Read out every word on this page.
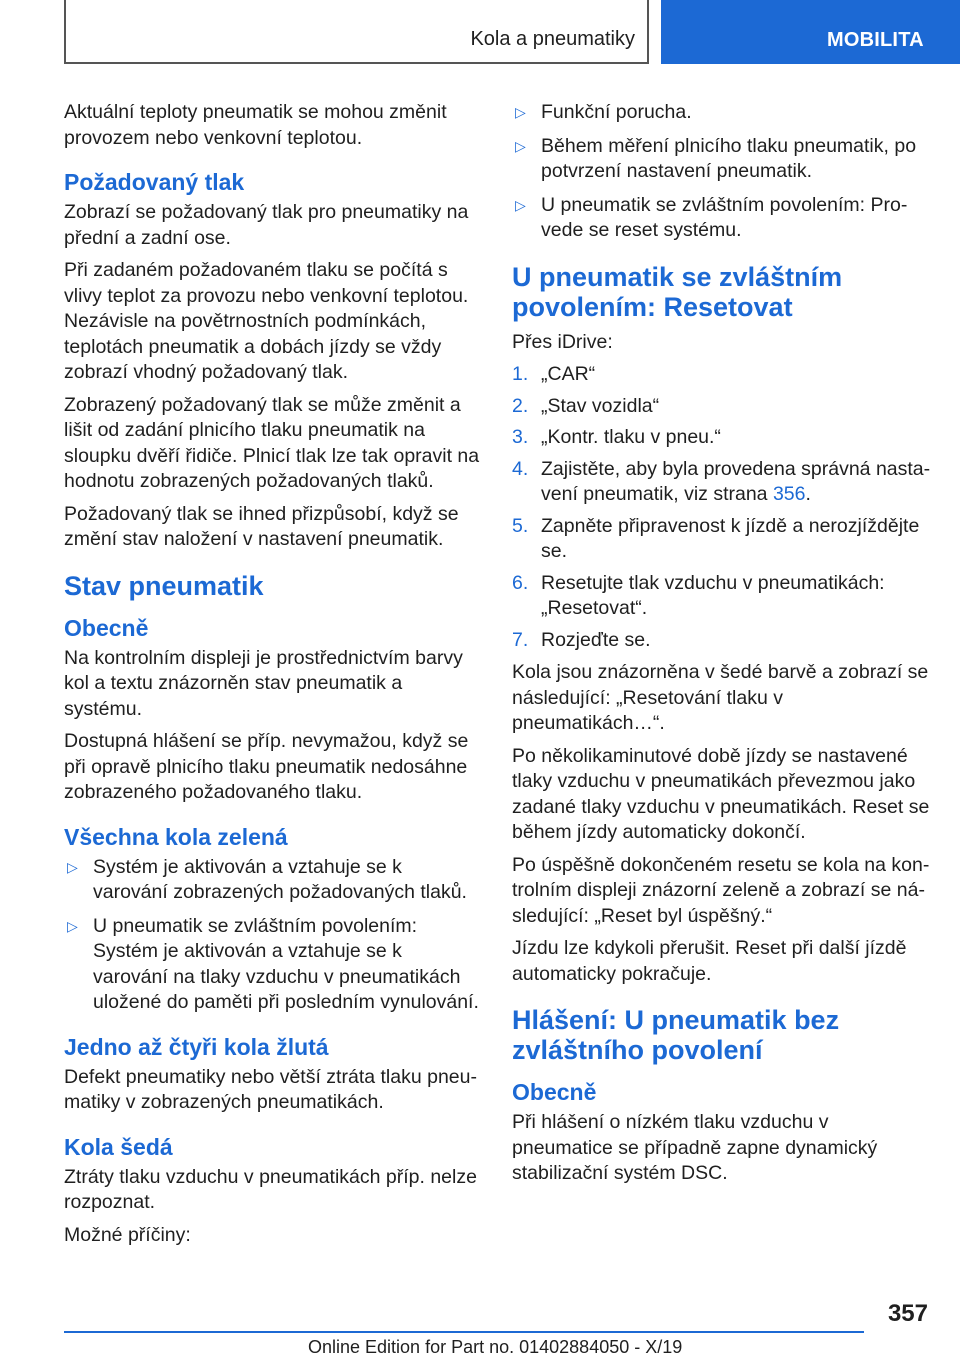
Kola a pneumatiky	MOBILITA

Aktuální teploty pneumatik se mohou změnit provozem nebo venkovní teplotou.

Požadovaný tlak

Zobrazí se požadovaný tlak pro pneumatiky na přední a zadní ose.

Při zadaném požadovaném tlaku se počítá s vlivy teplot za provozu nebo venkovní teplotou. Nezávisle na povětrnostních podmínkách, teplotách pneumatik a dobách jízdy se vždy zobrazí vhodný požadovaný tlak.

Zobrazený požadovaný tlak se může změnit a lišit od zadání plnicího tlaku pneumatik na sloupku dvěří řidiče. Plnicí tlak lze tak opravit na hodnotu zobrazených požadovaných tlaků.

Požadovaný tlak se ihned přizpůsobí, když se změní stav naložení v nastavení pneumatik.

Stav pneumatik
Obecně

Na kontrolním displeji je prostřednictvím barvy kol a textu znázorněn stav pneumatik a systému.

Dostupná hlášení se příp. nevymažou, když se při opravě plnicího tlaku pneumatik nedosáhne zobrazeného požadovaného tlaku.

Všechna kola zelená
▷ Systém je aktivován a vztahuje se k varování zobrazených požadovaných tlaků.
▷ U pneumatik se zvláštním povolením: Systém je aktivován a vztahuje se k varování na tlaky vzduchu v pneumatikách uložené do paměti při posledním vynulování.
Jedno až čtyři kola žlutá

Defekt pneumatiky nebo větší ztráta tlaku pneumatiky v zobrazených pneumatikách.

Kola šedá

Ztráty tlaku vzduchu v pneumatikách příp. nelze rozpoznat.

Možné příčiny:

▷ Funkční porucha.
▷ Během měření plnicího tlaku pneumatik, po potvrzení nastavení pneumatik.
▷ U pneumatik se zvláštním povolením: Provede se reset systému.
U pneumatik se zvláštním povolením: Resetovat

Přes iDrive:

1. „CAR“
2. „Stav vozidla“
3. „Kontr. tlaku v pneu.“
4. Zajistěte, aby byla provedena správná nastavení pneumatik, viz strana 356.
5. Zapněte připravenost k jízdě a nerozjíždějte se.
6. Resetujte tlak vzduchu v pneumatikách: „Resetovat“.
7. Rozjeďte se.

Kola jsou znázorněna v šedé barvě a zobrazí se následující: „Resetování tlaku v pneumatikách…“.

Po několikaminutové době jízdy se nastavené tlaky vzduchu v pneumatikách převezmou jako zadané tlaky vzduchu v pneumatikách. Reset se během jízdy automaticky dokončí.

Po úspěšně dokončeném resetu se kola na kontrolním displeji znázorní zeleně a zobrazí se následující: „Reset byl úspěšný.“

Jízdu lze kdykoli přerušit. Reset při další jízdě automaticky pokračuje.

Hlášení: U pneumatik bez zvláštního povolení
Obecně

Při hlášení o nízkém tlaku vzduchu v pneumatice se případně zapne dynamický stabilizační systém DSC.

357
Online Edition for Part no. 01402884050 - X/19
